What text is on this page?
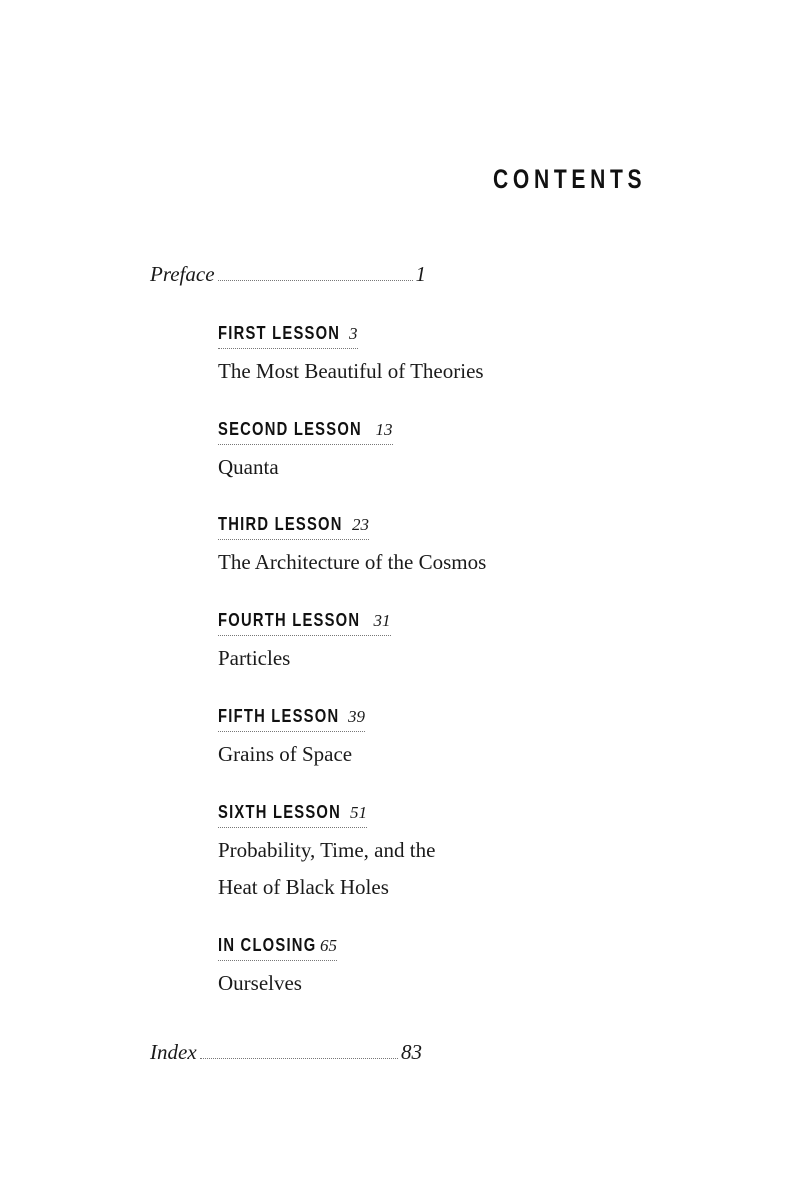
CONTENTS
Preface	1
FIRST LESSON 3
The Most Beautiful of Theories
SECOND LESSON 13
Quanta
THIRD LESSON 23
The Architecture of the Cosmos
FOURTH LESSON 31
Particles
FIFTH LESSON 39
Grains of Space
SIXTH LESSON 51
Probability, Time, and the
Heat of Black Holes
IN CLOSING 65
Ourselves
Index	83
